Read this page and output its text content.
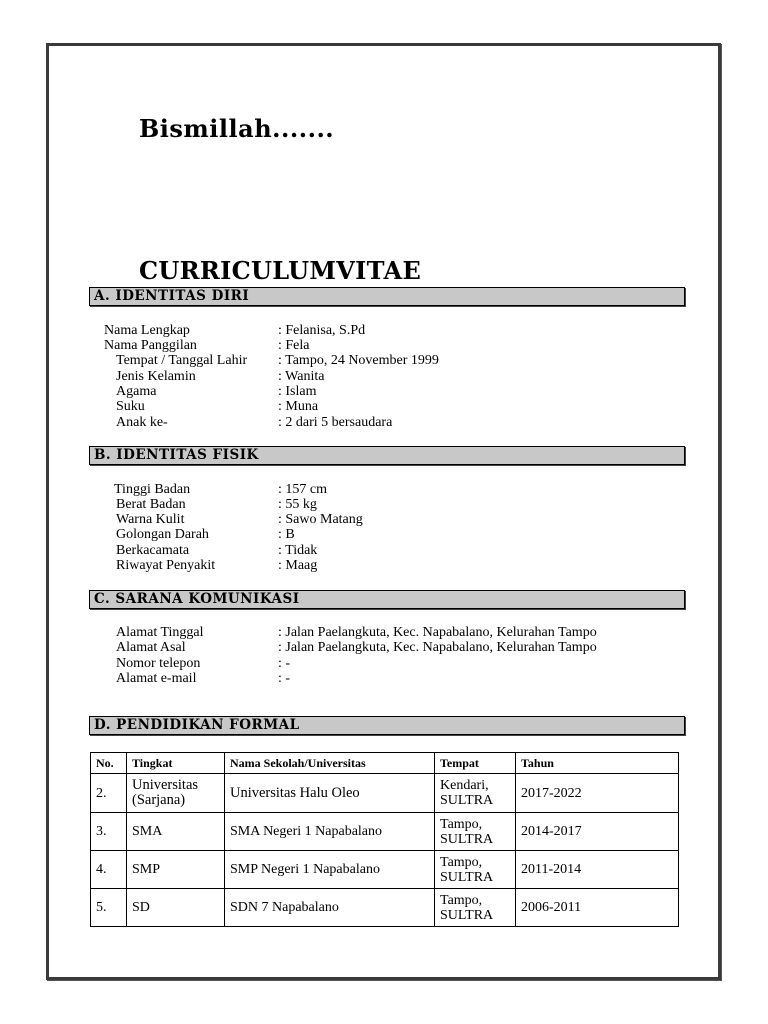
Bismillah.......
CURRICULUMVITAE
A. IDENTITAS DIRI
Nama Lengkap	: Felanisa, S.Pd
Nama Panggilan	: Fela
Tempat / Tanggal Lahir : Tampo, 24 November 1999
Jenis Kelamin	: Wanita
Agama	: Islam
Suku	: Muna
Anak ke-	: 2 dari 5 bersaudara
B. IDENTITAS FISIK
Tinggi Badan	: 157 cm
Berat Badan	: 55 kg
Warna Kulit	: Sawo Matang
Golongan Darah	: B
Berkacamata	: Tidak
Riwayat Penyakit	: Maag
C. SARANA KOMUNIKASI
Alamat Tinggal	: Jalan Paelangkuta, Kec. Napabalano, Kelurahan Tampo
Alamat Asal	: Jalan Paelangkuta, Kec. Napabalano, Kelurahan Tampo
Nomor telepon	: -
Alamat e-mail	: -
D. PENDIDIKAN FORMAL
No.	Tingkat	Nama Sekolah/Universitas	Tempat	Tahun
2.	Universitas (Sarjana)	Universitas Halu Oleo	Kendari, SULTRA	2017-2022
3.	SMA	SMA Negeri 1 Napabalano	Tampo, SULTRA	2014-2017
4.	SMP	SMP Negeri 1 Napabalano	Tampo, SULTRA	2011-2014
5.	SD	SDN 7 Napabalano	Tampo, SULTRA	2006-2011
